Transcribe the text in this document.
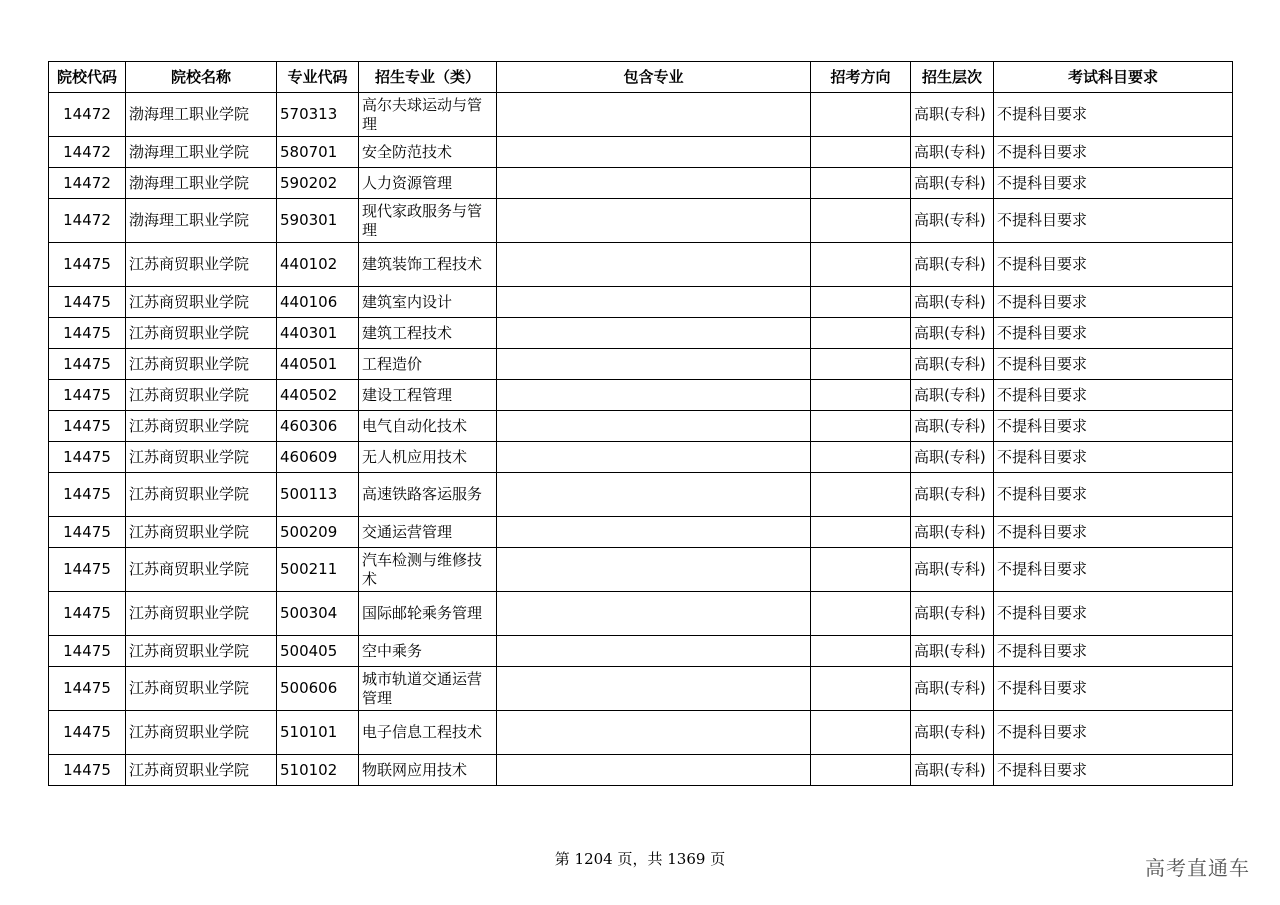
院校代码	院校名称	专业代码	招生专业（类）	包含专业	招考方向	招生层次	考试科目要求
14472	渤海理工职业学院	570313	高尔夫球运动与管理			高职(专科)	不提科目要求
14472	渤海理工职业学院	580701	安全防范技术			高职(专科)	不提科目要求
14472	渤海理工职业学院	590202	人力资源管理			高职(专科)	不提科目要求
14472	渤海理工职业学院	590301	现代家政服务与管理			高职(专科)	不提科目要求
14475	江苏商贸职业学院	440102	建筑装饰工程技术			高职(专科)	不提科目要求
14475	江苏商贸职业学院	440106	建筑室内设计			高职(专科)	不提科目要求
14475	江苏商贸职业学院	440301	建筑工程技术			高职(专科)	不提科目要求
14475	江苏商贸职业学院	440501	工程造价			高职(专科)	不提科目要求
14475	江苏商贸职业学院	440502	建设工程管理			高职(专科)	不提科目要求
14475	江苏商贸职业学院	460306	电气自动化技术			高职(专科)	不提科目要求
14475	江苏商贸职业学院	460609	无人机应用技术			高职(专科)	不提科目要求
14475	江苏商贸职业学院	500113	高速铁路客运服务			高职(专科)	不提科目要求
14475	江苏商贸职业学院	500209	交通运营管理			高职(专科)	不提科目要求
14475	江苏商贸职业学院	500211	汽车检测与维修技术			高职(专科)	不提科目要求
14475	江苏商贸职业学院	500304	国际邮轮乘务管理			高职(专科)	不提科目要求
14475	江苏商贸职业学院	500405	空中乘务			高职(专科)	不提科目要求
14475	江苏商贸职业学院	500606	城市轨道交通运营管理			高职(专科)	不提科目要求
14475	江苏商贸职业学院	510101	电子信息工程技术			高职(专科)	不提科目要求
14475	江苏商贸职业学院	510102	物联网应用技术			高职(专科)	不提科目要求
第 1204 页，共 1369 页	高考直通车
